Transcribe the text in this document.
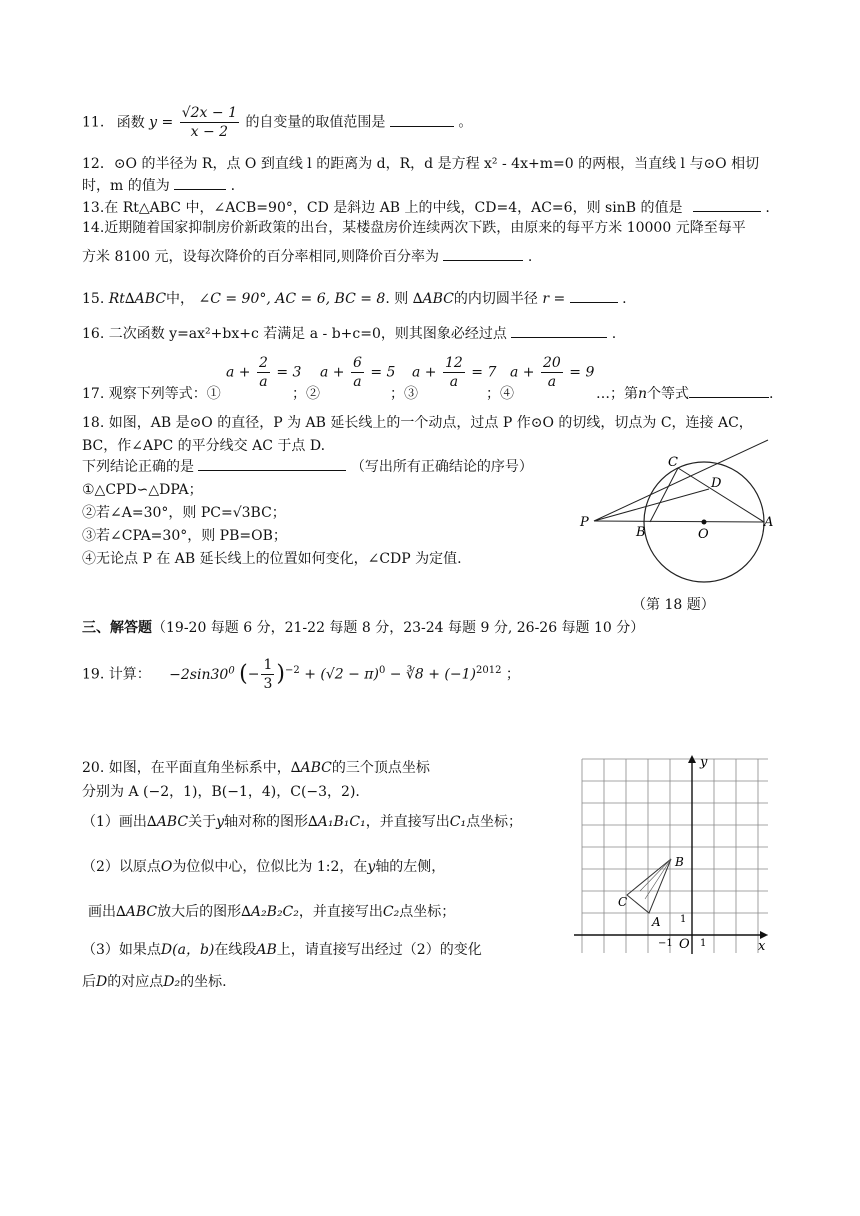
11. 函数 $y = \frac{√2x - 1}{x - 2}$ 的自变量的取值范围是	。
12．⊙O 的半径为 R，点 O 到直线 l 的距离为 d，R，d 是方程 x² - 4x+m=0 的两根，当直线 l 与⊙O 相切
时，m 的值为	.
13.在 Rt△ABC 中，∠ACB=90°，CD 是斜边 AB 上的中线，CD=4，AC=6，则 sinB 的值是	.
14.近期随着国家抑制房价新政策的出台，某楼盘房价连续两次下跌，由原来的每平方米 10000 元降至每平
方米 8100 元，设每次降价的百分率相同,则降价百分率为	.
15. Rt∆ABC中， ∠C = 90°, AC = 6, BC = 8. 则 ∆ABC的内切圆半径 r =	.
16. 二次函数 y=ax²+bx+c 若满足 a - b+c=0，则其图象必经过点	.
$a + \frac{2}{a} = 3$ $a + \frac{6}{a} = 5$ $a + \frac{12}{a} = 7$ $a + \frac{20}{a} = 9$
17. 观察下列等式：①	；②	；③	；④	…；第n个等式	.
18. 如图，AB 是⊙O 的直径，P 为 AB 延长线上的一个动点，过点 P 作⊙O 的切线，切点为 C，连接 AC，
BC，作∠APC 的平分线交 AC 于点 D.
下列结论正确的是	（写出所有正确结论的序号）
①△CPD∽△DPA；
②若∠A=30°，则 PC=√3BC；
③若∠CPA=30°，则 PB=OB；
④无论点 P 在 AB 延长线上的位置如何变化，∠CDP 为定值.
C
D
P
B	O
A
（第 18 题）
三、解答题（19-20 每题 6 分，21-22 每题 8 分，23-24 每题 9 分, 26-26 每题 10 分）
19. 计算： $-2\sin 30^0$ (− $\frac{1}{3} )^{-2} + (√2 - \pi)^0$ − ∛8 + $(-1)^{2012}$ ；
20. 如图，在平面直角坐标系中，∆ABC的三个顶点坐标
分别为 A (−2，1)，B(−1，4)，C(−3，2).
（1）画出∆ABC关于y轴对称的图形∆A₁B₁C₁，并直接写出C₁点坐标；
（2）以原点O为位似中心，位似比为 1:2，在y轴的左侧，
画出∆ABC放大后的图形∆A₂B₂C₂，并直接写出C₂点坐标；
（3）如果点D(a，b)在线段AB上，请直接写出经过（2）的变化
后D的对应点D₂的坐标.
y
x
O 1
−1
1
A
B
C
